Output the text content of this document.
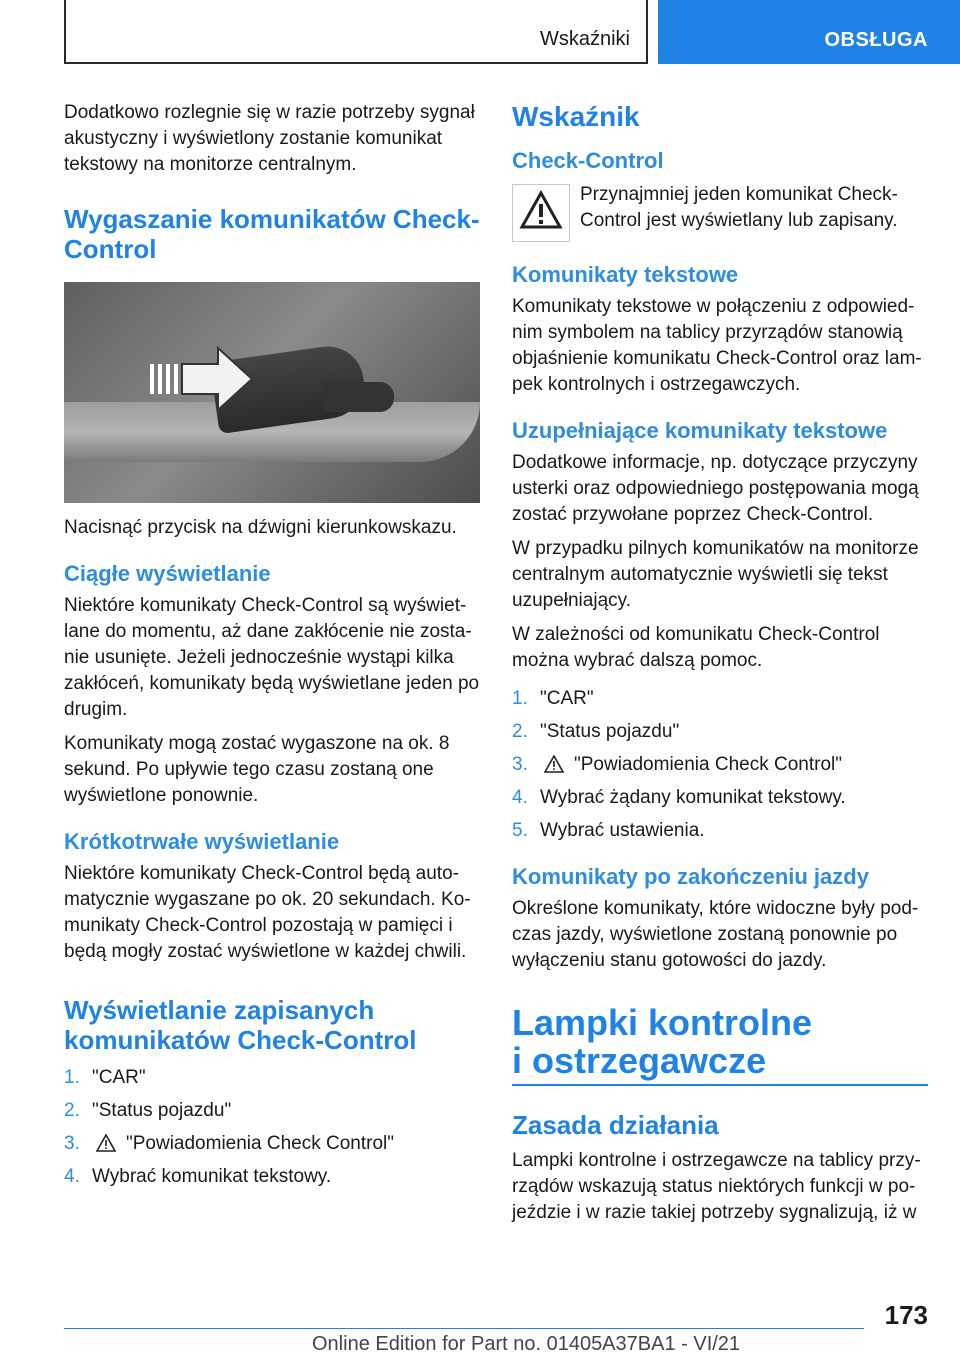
Wskaźniki	OBSŁUGA

Dodatkowo rozlegnie się w razie potrzeby sygnał akustyczny i wyświetlony zostanie komunikat tekstowy na monitorze centralnym.

Wygaszanie komunikatów Check-Control

Nacisnąć przycisk na dźwigni kierunkowskazu.

Ciągłe wyświetlanie

Niektóre komunikaty Check-Control są wyświet- lane do momentu, aż dane zakłócenie nie zosta- nie usunięte. Jeżeli jednocześnie wystąpi kilka zakłóceń, komunikaty będą wyświetlane jeden po drugim.

Komunikaty mogą zostać wygaszone na ok. 8 sekund. Po upływie tego czasu zostaną one wyświetlone ponownie.

Krótkotrwałe wyświetlanie

Niektóre komunikaty Check-Control będą auto- matycznie wygaszane po ok. 20 sekundach. Ko- munikaty Check-Control pozostają w pamięci i będą mogły zostać wyświetlone w każdej chwili.

Wyświetlanie zapisanych komunikatów Check-Control
1. "CAR"
2. "Status pojazdu"
3.	"Powiadomienia Check Control"
4. Wybrać komunikat tekstowy.
Wskaźnik
Check-Control
Przynajmniej jeden komunikat Check- Control jest wyświetlany lub zapisany.
Komunikaty tekstowe

Komunikaty tekstowe w połączeniu z odpowied- nim symbolem na tablicy przyrządów stanowią objaśnienie komunikatu Check-Control oraz lam- pek kontrolnych i ostrzegawczych.

Uzupełniające komunikaty tekstowe

Dodatkowe informacje, np. dotyczące przyczyny usterki oraz odpowiedniego postępowania mogą zostać przywołane poprzez Check-Control.

W przypadku pilnych komunikatów na monitorze centralnym automatycznie wyświetli się tekst uzupełniający.

W zależności od komunikatu Check-Control można wybrać dalszą pomoc.

1. "CAR"
2. "Status pojazdu"
3.	"Powiadomienia Check Control"
4. Wybrać żądany komunikat tekstowy.
5. Wybrać ustawienia.
Komunikaty po zakończeniu jazdy

Określone komunikaty, które widoczne były pod- czas jazdy, wyświetlone zostaną ponownie po wyłączeniu stanu gotowości do jazdy.

Lampki kontrolne
i ostrzegawcze
Zasada działania

Lampki kontrolne i ostrzegawcze na tablicy przy- rządów wskazują status niektórych funkcji w po- jeździe i w razie takiej potrzeby sygnalizują, iż w

173
Online Edition for Part no. 01405A37BA1 - VI/21
